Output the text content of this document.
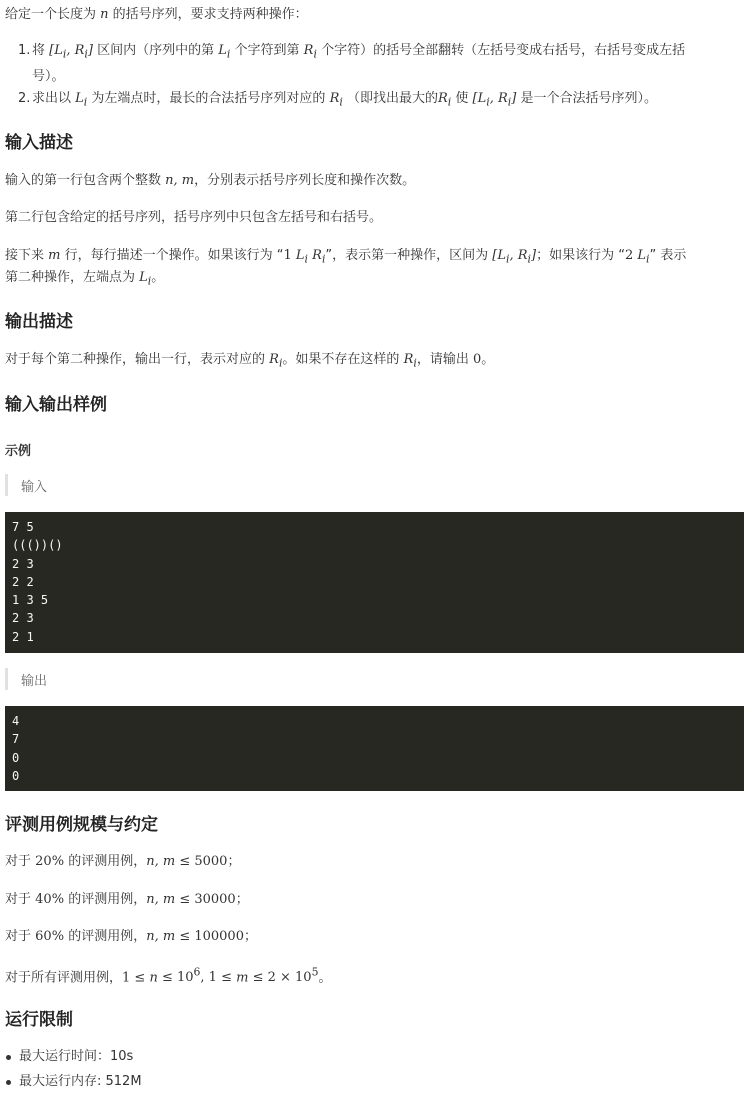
给定一个长度为 n 的括号序列，要求支持两种操作：
1. 将 [$L_i$, $R_i$] 区间内（序列中的第 $L_i$ 个字符到第 $R_i$ 个字符）的括号全部翻转（左括号变成右括号，右括号变成左括
号）。
2. 求出以 $L_i$ 为左端点时，最长的合法括号序列对应的 $R_i$ （即找出最大的$R_i$ 使 [$L_i$, $R_i$] 是一个合法括号序列）。
输入描述
输入的第一行包含两个整数 n, m，分别表示括号序列长度和操作次数。
第二行包含给定的括号序列，括号序列中只包含左括号和右括号。
接下来 m 行，每行描述一个操作。如果该行为 “1 $L_i$ $R_i$”，表示第一种操作，区间为 [$L_i$, $R_i$]；如果该行为 “2 $L_i$” 表示
第二种操作，左端点为 $L_i$。
输出描述
对于每个第二种操作，输出一行，表示对应的 $R_i$。如果不存在这样的 $R_i$，请输出 0。
输入输出样例
示例
输入
7 5
((())()
2 3
2 2
1 3 5
2 3
2 1
输出
4
7
0
0
评测用例规模与约定
对于 20% 的评测用例，n, m ≤ 5000；
对于 40% 的评测用例，n, m ≤ 30000；
对于 60% 的评测用例，n, m ≤ 100000；
对于所有评测用例，$1 \le n \le 10^6$, $1 \le m \le 2 \times 10^5$。
运行限制
最大运行时间：10s
最大运行内存: 512M
